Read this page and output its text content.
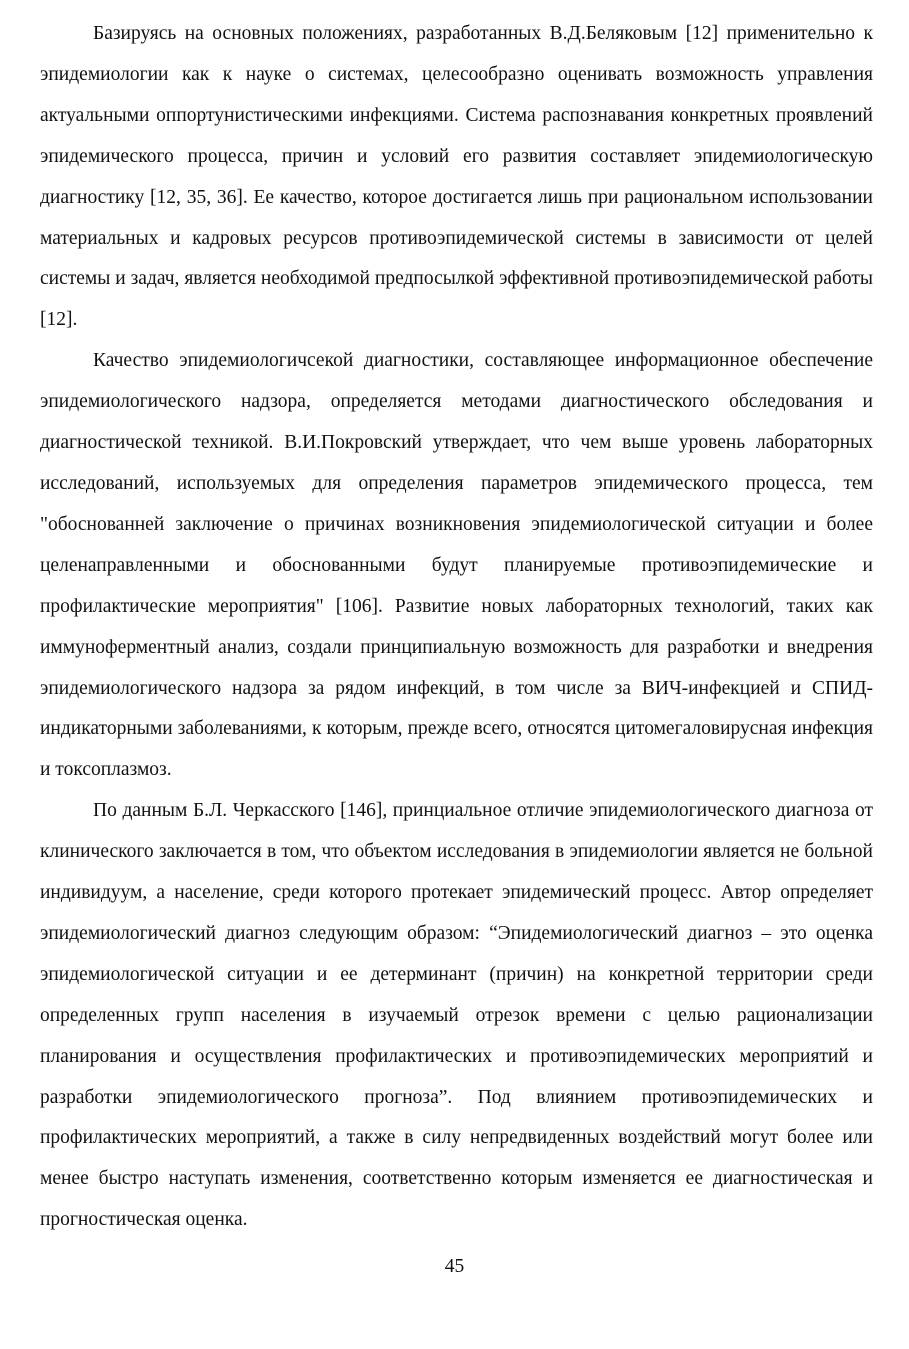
Базируясь на основных положениях, разработанных В.Д.Беляковым [12] применительно к эпидемиологии как к науке о системах, целесообразно оценивать возможность управления актуальными оппортунистическими инфекциями. Система распознавания конкретных проявлений эпидемического процесса, причин и условий его развития составляет эпидемиологическую диагностику [12, 35, 36]. Ее качество, которое достигается лишь при рациональном использовании материальных и кадровых ресурсов противоэпидемической системы в зависимости от целей системы и задач, является необходимой предпосылкой эффективной противоэпидемической работы [12].

Качество эпидемиологичсекой диагностики, составляющее информационное обеспечение эпидемиологического надзора, определяется методами диагностического обследования и диагностической техникой. В.И.Покровский утверждает, что чем выше уровень лабораторных исследований, используемых для определения параметров эпидемического процесса, тем "обоснованней заключение о причинах возникновения эпидемиологической ситуации и более целенаправленными и обоснованными будут планируемые противоэпидемические и профилактические мероприятия" [106]. Развитие новых лабораторных технологий, таких как иммуноферментный анализ, создали принципиальную возможность для разработки и внедрения эпидемиологического надзора за рядом инфекций, в том числе за ВИЧ-инфекцией и СПИД-индикаторными заболеваниями, к которым, прежде всего, относятся цитомегаловирусная инфекция и токсоплазмоз.

По данным Б.Л. Черкасского [146], принциальное отличие эпидемиологического диагноза от клинического заключается в том, что объектом исследования в эпидемиологии является не больной индивидуум, а население, среди которого протекает эпидемический процесс. Автор определяет эпидемиологический диагноз следующим образом: “Эпидемиологический диагноз – это оценка эпидемиологической ситуации и ее детерминант (причин) на конкретной территории среди определенных групп населения в изучаемый отрезок времени с целью рационализации планирования и осуществления профилактических и противоэпидемических мероприятий и разработки эпидемиологического прогноза”. Под влиянием противоэпидемических и профилактических мероприятий, а также в силу непредвиденных воздействий могут более или менее быстро наступать изменения, соответственно которым изменяется ее диагностическая и прогностическая оценка.

45
